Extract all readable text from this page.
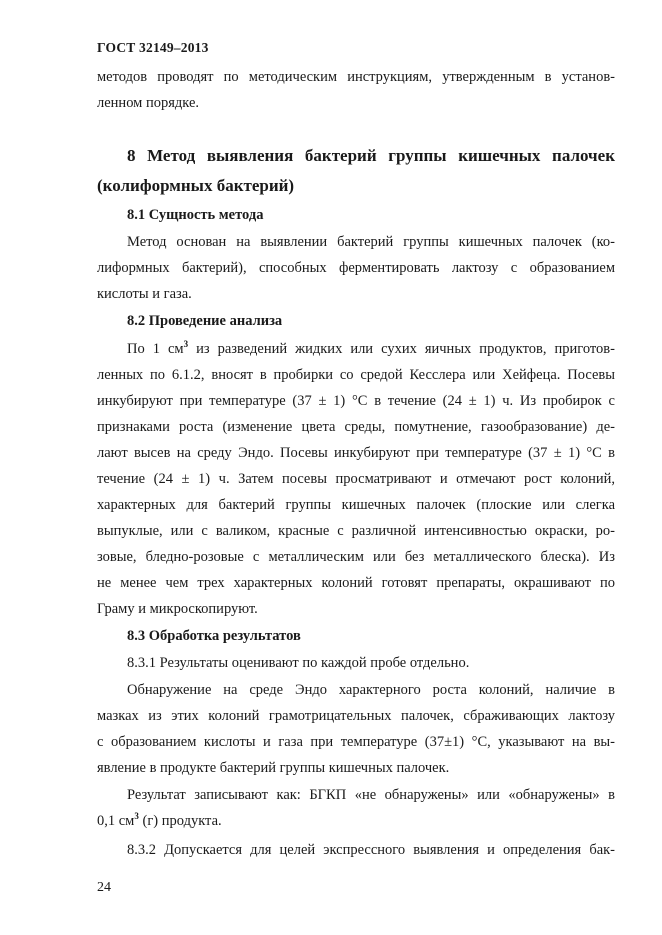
ГОСТ 32149–2013
методов проводят по методическим инструкциям, утвержденным в установ-
ленном порядке.
8 Метод выявления бактерий группы кишечных палочек
(колиформных бактерий)
8.1 Сущность метода
Метод основан на выявлении бактерий группы кишечных палочек (ко-
лиформных бактерий), способных ферментировать лактозу с образованием
кислоты и газа.
8.2 Проведение анализа
По 1 $см^3$ из разведений жидких или сухих яичных продуктов, приготов-
ленных по 6.1.2, вносят в пробирки со средой Кесслера или Хейфеца. Посевы
инкубируют при температуре (37 ± 1) °С в течение (24 ± 1) ч. Из пробирок с
признаками роста (изменение цвета среды, помутнение, газообразование) де-
лают высев на среду Эндо. Посевы инкубируют при температуре (37 ± 1) °С в
течение (24 ± 1) ч. Затем посевы просматривают и отмечают рост колоний,
характерных для бактерий группы кишечных палочек (плоские или слегка
выпуклые, или с валиком, красные с различной интенсивностью окраски, ро-
зовые, бледно-розовые с металлическим или без металлического блеска). Из
не менее чем трех характерных колоний готовят препараты, окрашивают по
Граму и микроскопируют.
8.3 Обработка результатов
8.3.1 Результаты оценивают по каждой пробе отдельно.
Обнаружение на среде Эндо характерного роста колоний, наличие в
мазках из этих колоний грамотрицательных палочек, сбраживающих лактозу
с образованием кислоты и газа при температуре (37±1) °С, указывают на вы-
явление в продукте бактерий группы кишечных палочек.
Результат записывают как: БГКП «не обнаружены» или «обнаружены» в
0,1 $см^3$ (г) продукта.
8.3.2 Допускается для целей экспрессного выявления и определения бак-
24
